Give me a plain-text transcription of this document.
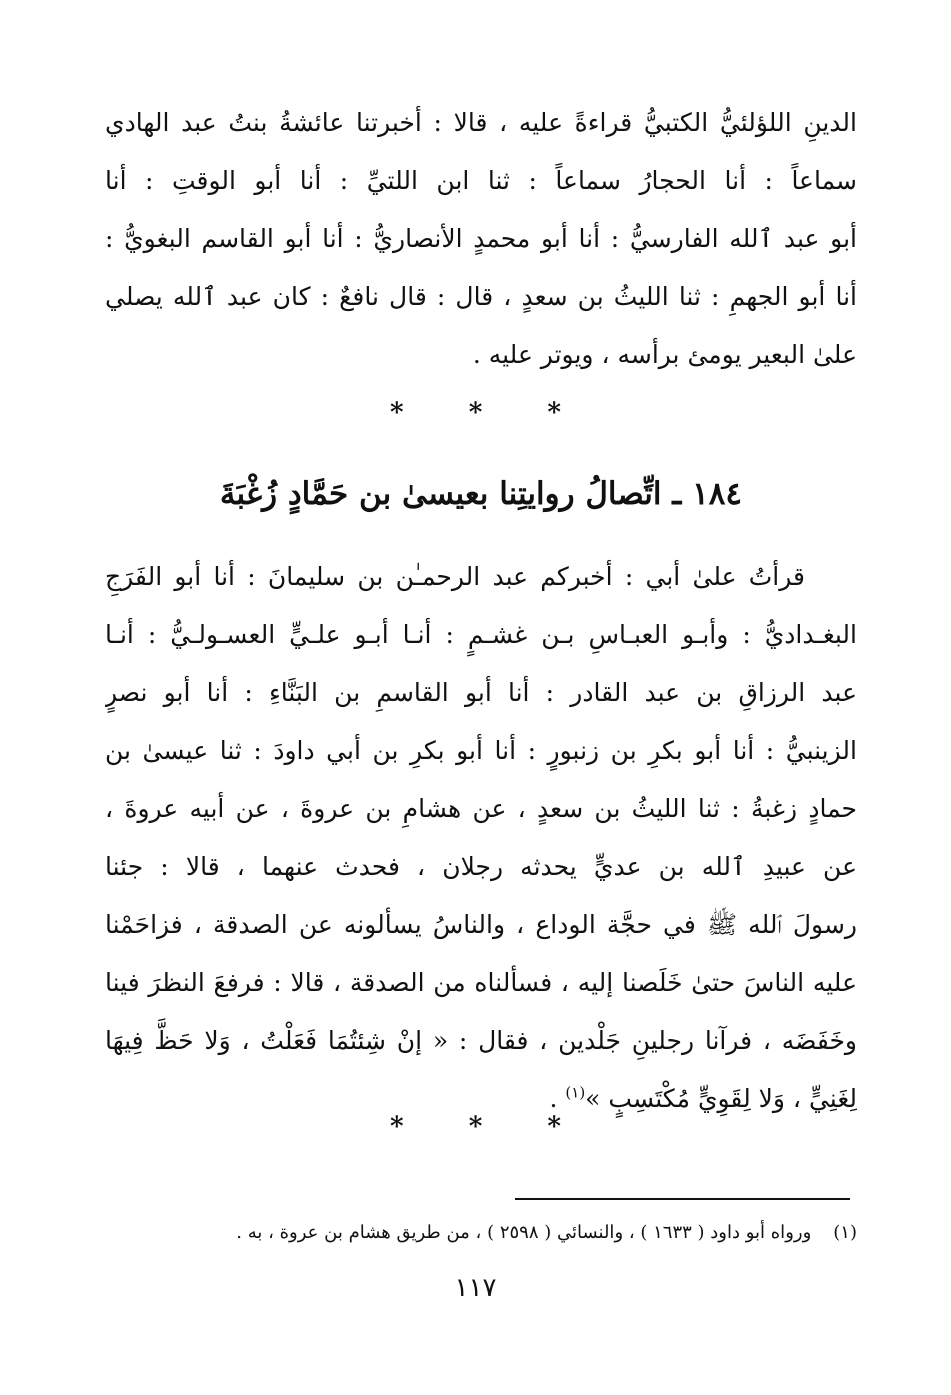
الدينِ اللؤلئيُّ الكتبيُّ قراءةً عليه ، قالا : أخبرتنا عائشةُ بنتُ عبد الهادي
سماعاً : أنا الحجارُ سماعاً : ثنا ابن اللتيِّ : أنا أبو الوقتِ : أنا
أبو عبد ٱلله الفارسيُّ : أنا أبو محمدٍ الأنصاريُّ : أنا أبو القاسم البغويُّ :
أنا أبو الجهمِ : ثنا الليثُ بن سعدٍ ، قال : قال نافعٌ : كان عبد ٱلله يصلي
علىٰ البعير يومئ برأسه ، ويوتر عليه .
* * *
١٨٤ ـ اتِّصالُ روايتِنا بعيسىٰ بن حَمَّادٍ زُغْبَةَ
قرأتُ علىٰ أبي : أخبركم عبد الرحمـٰن بن سليمانَ : أنا أبو الفَرَجِ
البغـداديُّ : وأبـو العبـاسِ بـن غشـمٍ : أنـا أبـو علـيٍّ العسـولـيُّ : أنـا
عبد الرزاقِ بن عبد القادر : أنا أبو القاسمِ بن البَنَّاءِ : أنا أبو نصرٍ
الزينبيُّ : أنا أبو بكرِ بن زنبورٍ : أنا أبو بكرِ بن أبي داودَ : ثنا عيسىٰ بن
حمادٍ زغبةُ : ثنا الليثُ بن سعدٍ ، عن هشامِ بن عروةَ ، عن أبيه عروةَ ،
عن عبيدِ ٱلله بن عديٍّ يحدثه رجلان ، فحدث عنهما ، قالا : جئنا
رسولَ ٱلله ﷺ في حجَّة الوداع ، والناسُ يسألونه عن الصدقة ، فزاحَمْنا
عليه الناسَ حتىٰ خَلَصنا إليه ، فسألناه من الصدقة ، قالا : فرفعَ النظرَ فينا
وخَفَضَه ، فرآنا رجلينِ جَلْدين ، فقال : « إنْ شِئتُمَا فَعَلْتُ ، وَلا حَظَّ فِيهَا
لِغَنِيٍّ ، وَلا لِقَوِيٍّ مُكْتَسِبٍ »$^{(١)}$ .
* * *
(١)ورواه أبو داود ( ١٦٣٣ ) ، والنسائي ( ٢٥٩٨ ) ، من طريق هشام بن عروة ، به .
١١٧
